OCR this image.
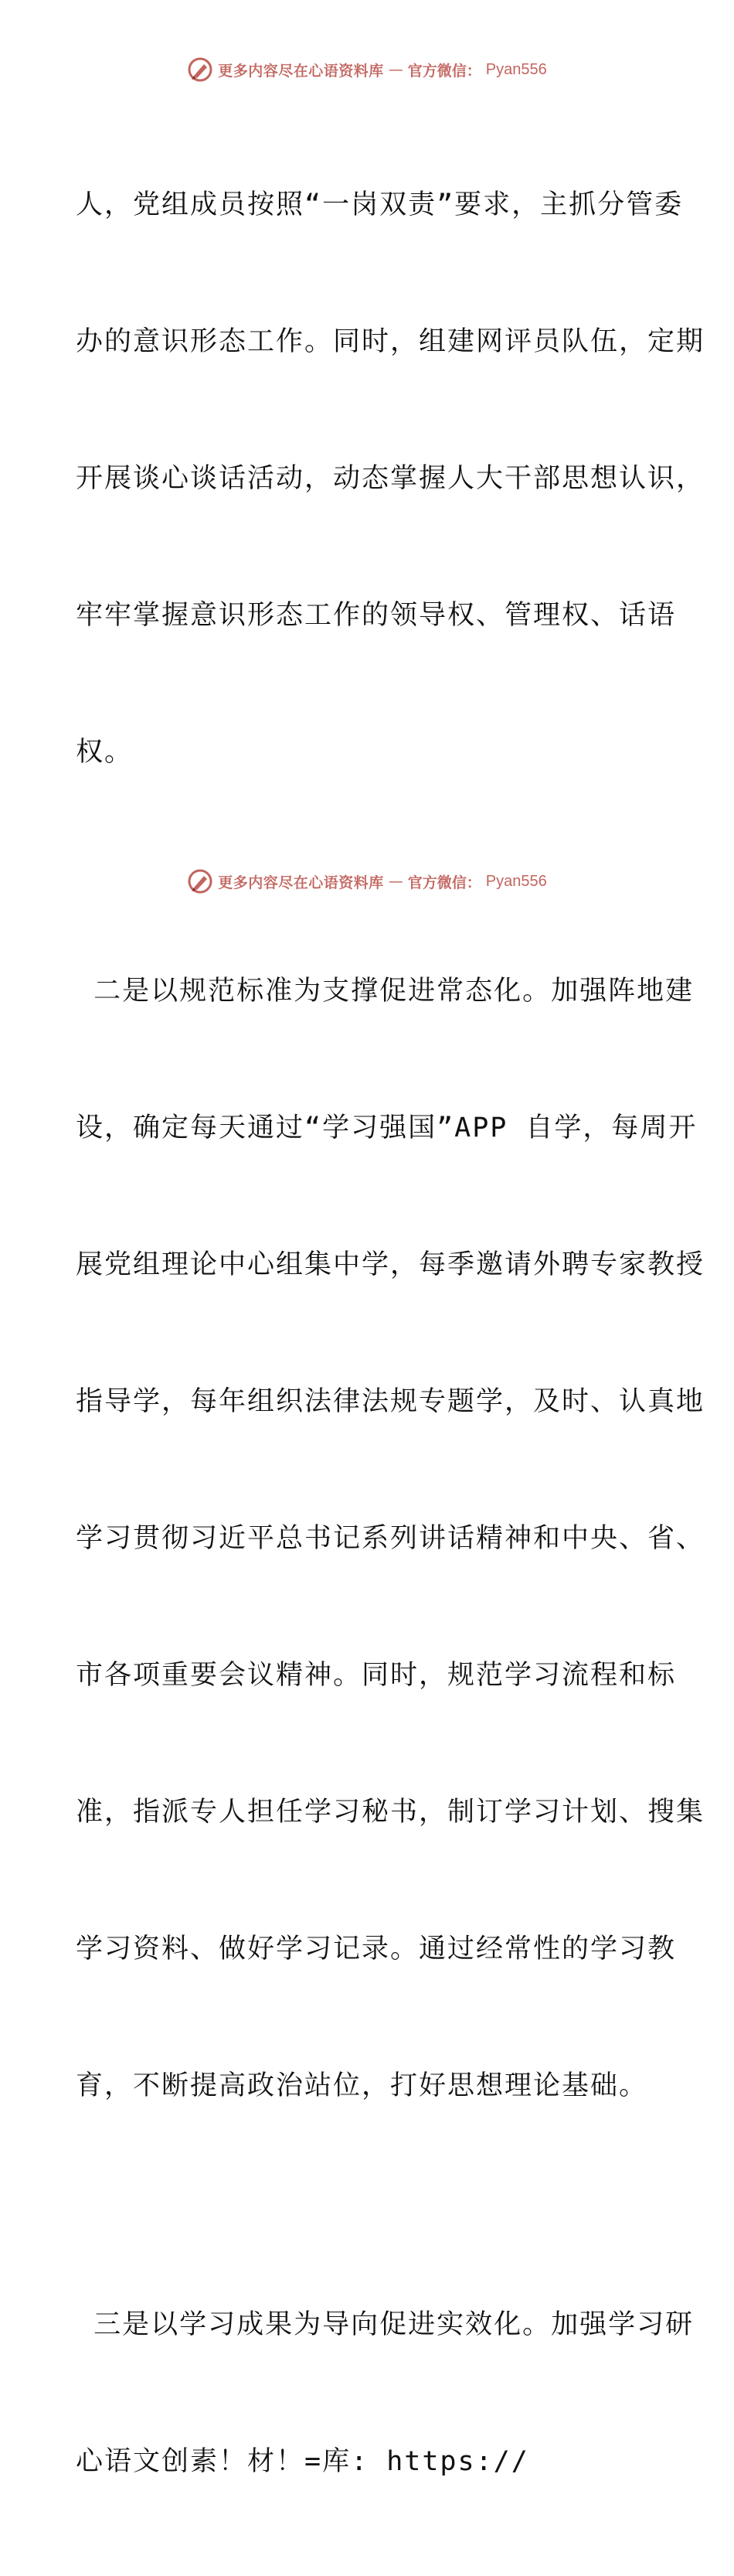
更多内容尽在心语资料库 — 官方微信： Pyan556

人，党组成员按照“一岗双责”要求，主抓分管委

办的意识形态工作。同时，组建网评员队伍，定期

开展谈心谈话活动，动态掌握人大干部思想认识，

牢牢掌握意识形态工作的领导权、管理权、话语

权。

二是以规范标准为支撑促进常态化。加强阵地建

设，确定每天通过“学习强国”APP 自学，每周开

展党组理论中心组集中学，每季邀请外聘专家教授

指导学，每年组织法律法规专题学，及时、认真地

学习贯彻习近平总书记系列讲话精神和中央、省、

市各项重要会议精神。同时，规范学习流程和标

准，指派专人担任学习秘书，制订学习计划、搜集

学习资料、做好学习记录。通过经常性的学习教

育，不断提高政治站位，打好思想理论基础。

三是以学习成果为导向促进实效化。加强学习研

心语文创素！材！=库: https://

更多内容尽在心语资料库 — 官方微信： Pyan556
